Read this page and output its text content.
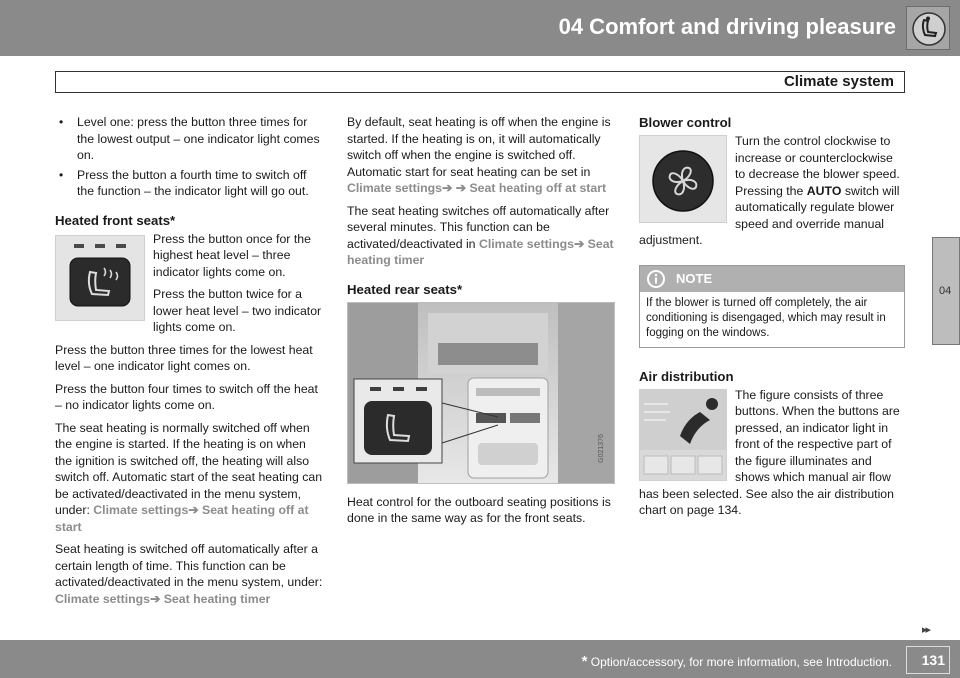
04 Comfort and driving pleasure
Climate system
04
• Level one: press the button three times for the lowest output – one indicator light comes on.
• Press the button a fourth time to switch off the function – the indicator light will go out.
Heated front seats*

Press the button once for the highest heat level – three indicator lights come on.

Press the button twice for a lower heat level – two indicator lights come on.

Press the button three times for the lowest heat level – one indicator light comes on.

Press the button four times to switch off the heat – no indicator lights come on.

The seat heating is normally switched off when the engine is started. If the heating is on when the ignition is switched off, the heating will also switch off. Automatic start of the seat heating can be activated/deactivated in the menu system, under: Climate settings➔ Seat heating off at start

Seat heating is switched off automatically after a certain length of time. This function can be activated/deactivated in the menu system, under: Climate settings➔ Seat heating timer

By default, seat heating is off when the engine is started. If the heating is on, it will automatically switch off when the engine is switched off. Automatic start for seat heating can be set in Climate settings➔ ➔ Seat heating off at start

The seat heating switches off automatically after several minutes. This function can be activated/deactivated in Climate settings➔ Seat heating timer

Heated rear seats*
G021376

Heat control for the outboard seating positions is done in the same way as for the front seats.

Blower control

Turn the control clockwise to increase or counterclockwise to decrease the blower speed. Pressing the AUTO switch will automatically regulate blower speed and override manual adjustment.

NOTE
If the blower is turned off completely, the air conditioning is disengaged, which may result in fogging on the windows.
Air distribution

The figure consists of three buttons. When the buttons are pressed, an indicator light in front of the respective part of the figure illuminates and shows which manual air flow has been selected. See also the air distribution chart on page 134.

▸▸
* Option/accessory, for more information, see Introduction. 131
